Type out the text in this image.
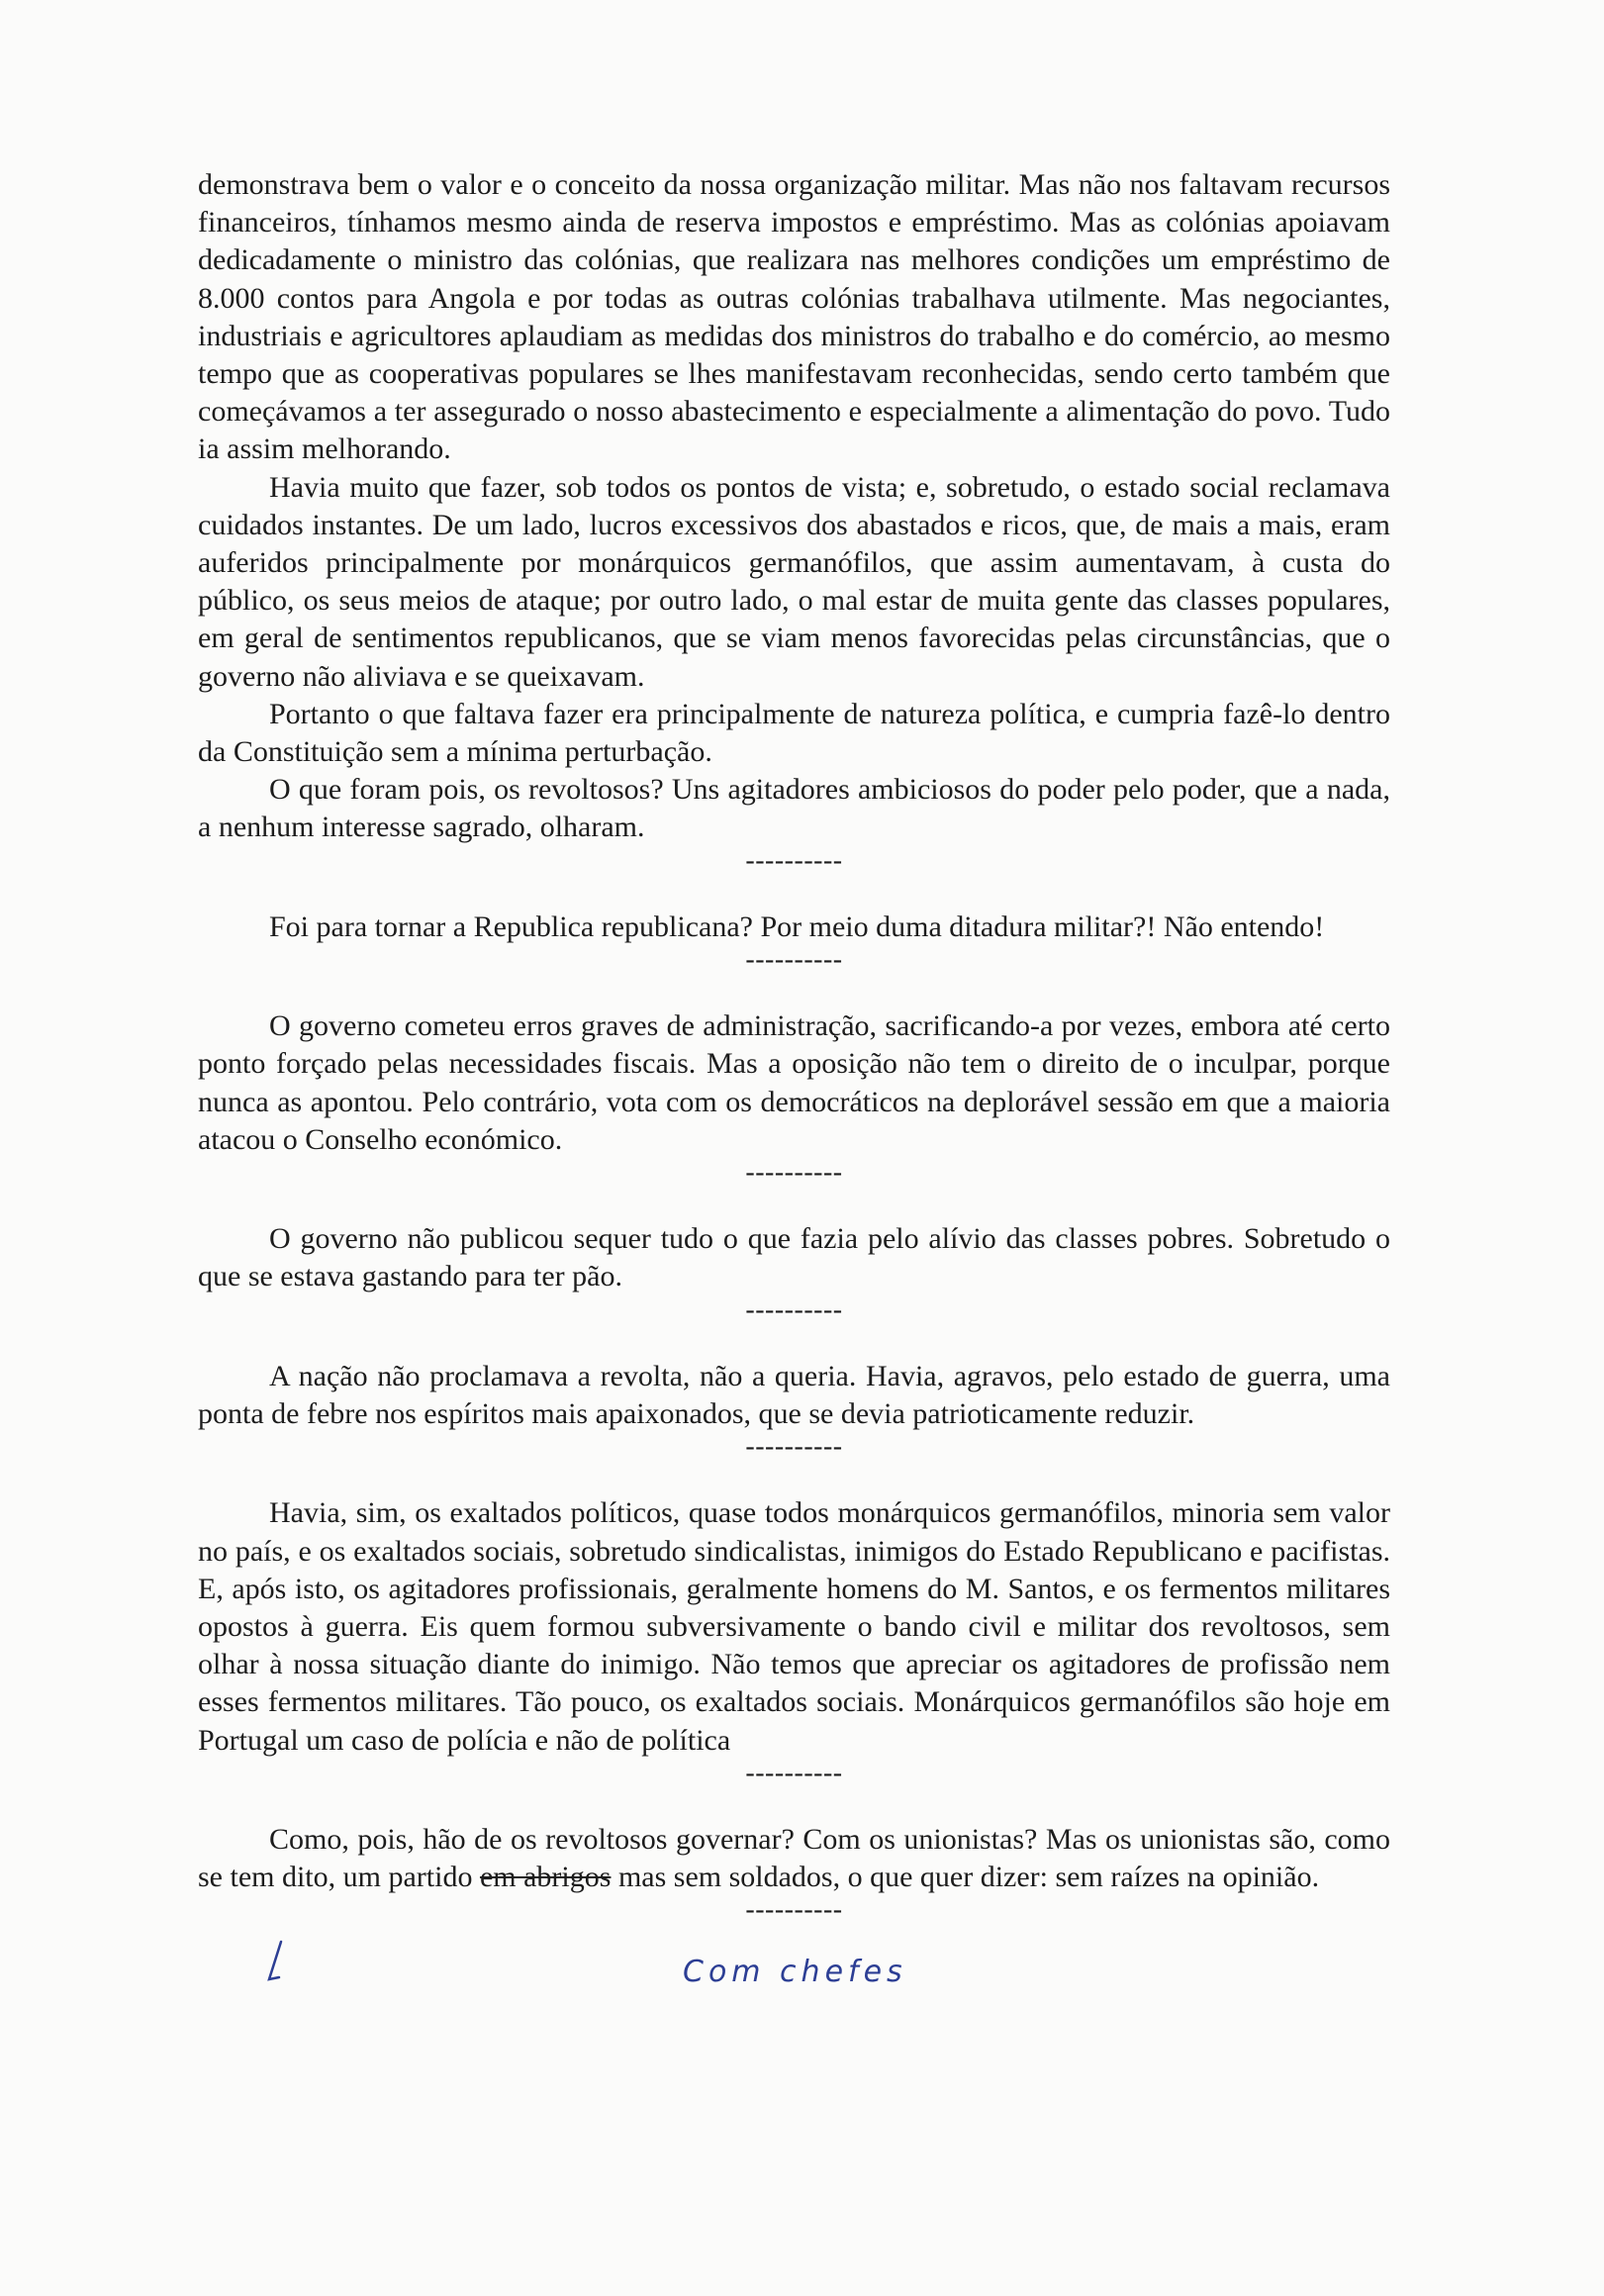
demonstrava bem o valor e o conceito da nossa organização militar. Mas não nos faltavam recursos financeiros, tínhamos mesmo ainda de reserva impostos e empréstimo. Mas as colónias apoiavam dedicadamente o ministro das colónias, que realizara nas melhores condições um empréstimo de 8.000 contos para Angola e por todas as outras colónias trabalhava utilmente. Mas negociantes, industriais e agricultores aplaudiam as medidas dos ministros do trabalho e do comércio, ao mesmo tempo que as cooperativas populares se lhes manifestavam reconhecidas, sendo certo também que começávamos a ter assegurado o nosso abastecimento e especialmente a alimentação do povo. Tudo ia assim melhorando.

Havia muito que fazer, sob todos os pontos de vista; e, sobretudo, o estado social reclamava cuidados instantes. De um lado, lucros excessivos dos abastados e ricos, que, de mais a mais, eram auferidos principalmente por monárquicos germanófilos, que assim aumentavam, à custa do público, os seus meios de ataque; por outro lado, o mal estar de muita gente das classes populares, em geral de sentimentos republicanos, que se viam menos favorecidas pelas circunstâncias, que o governo não aliviava e se queixavam.

Portanto o que faltava fazer era principalmente de natureza política, e cumpria fazê-lo dentro da Constituição sem a mínima perturbação.

O que foram pois, os revoltosos? Uns agitadores ambiciosos do poder pelo poder, que a nada, a nenhum interesse sagrado, olharam.

----------

Foi para tornar a Republica republicana? Por meio duma ditadura militar?! Não entendo!

----------

O governo cometeu erros graves de administração, sacrificando-a por vezes, embora até certo ponto forçado pelas necessidades fiscais. Mas a oposição não tem o direito de o inculpar, porque nunca as apontou. Pelo contrário, vota com os democráticos na deplorável sessão em que a maioria atacou o Conselho económico.

----------

O governo não publicou sequer tudo o que fazia pelo alívio das classes pobres. Sobretudo o que se estava gastando para ter pão.

----------

A nação não proclamava a revolta, não a queria. Havia, agravos, pelo estado de guerra, uma ponta de febre nos espíritos mais apaixonados, que se devia patrioticamente reduzir.

----------

Havia, sim, os exaltados políticos, quase todos monárquicos germanófilos, minoria sem valor no país, e os exaltados sociais, sobretudo sindicalistas, inimigos do Estado Republicano e pacifistas. E, após isto, os agitadores profissionais, geralmente homens do M. Santos, e os fermentos militares opostos à guerra. Eis quem formou subversivamente o bando civil e militar dos revoltosos, sem olhar à nossa situação diante do inimigo. Não temos que apreciar os agitadores de profissão nem esses fermentos militares. Tão pouco, os exaltados sociais. Monárquicos germanófilos são hoje em Portugal um caso de polícia e não de política

----------

Como, pois, hão de os revoltosos governar? Com os unionistas? Mas os unionistas são, como se tem dito, um partido em abrigos mas sem soldados, o que quer dizer: sem raízes na opinião.

----------
Com chefes
